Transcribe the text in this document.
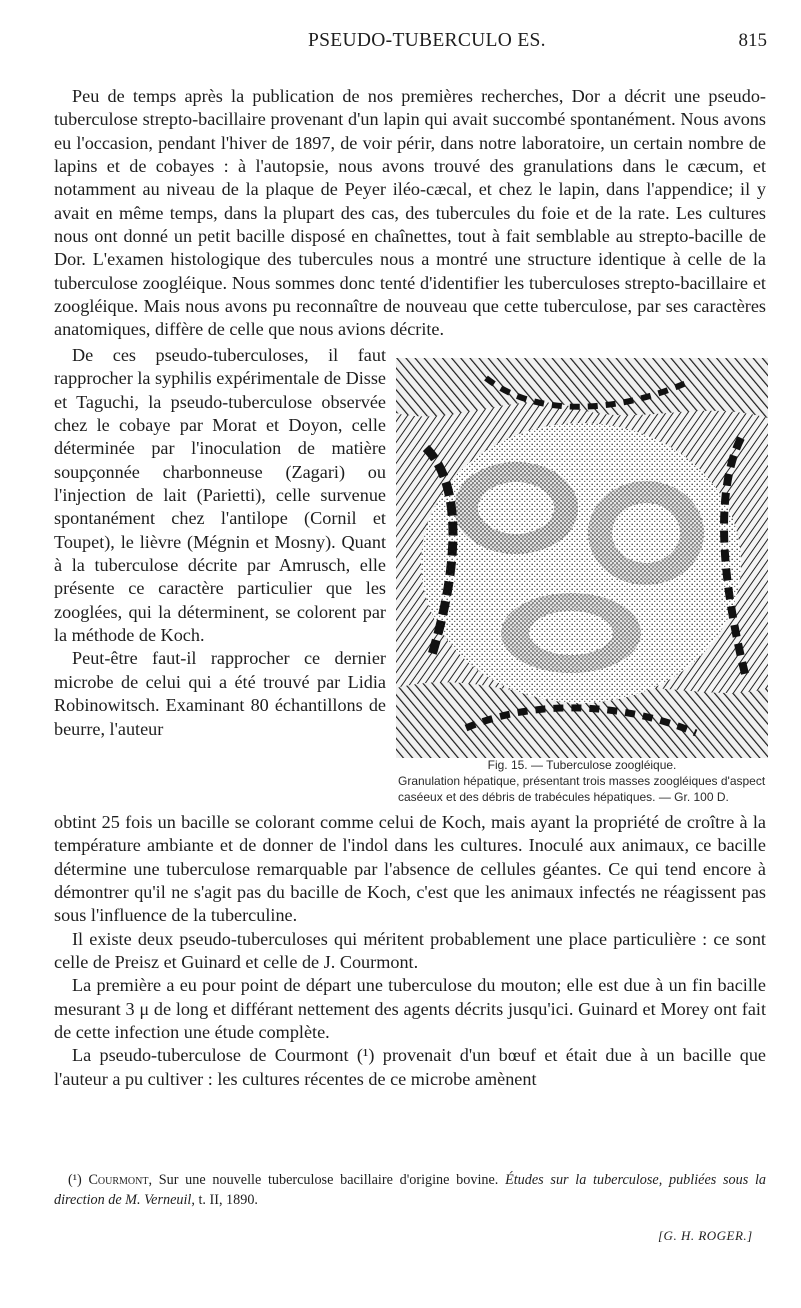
PSEUDO-TUBERCULO ES.	815

Peu de temps après la publication de nos premières recherches, Dor a décrit une pseudo-tuberculose strepto-bacillaire provenant d'un lapin qui avait succombé spontanément. Nous avons eu l'occasion, pendant l'hiver de 1897, de voir périr, dans notre laboratoire, un certain nombre de lapins et de cobayes : à l'autopsie, nous avons trouvé des granulations dans le cæcum, et notamment au niveau de la plaque de Peyer iléo-cæcal, et chez le lapin, dans l'appendice; il y avait en même temps, dans la plupart des cas, des tubercules du foie et de la rate. Les cultures nous ont donné un petit bacille disposé en chaînettes, tout à fait semblable au strepto-bacille de Dor. L'examen histologique des tubercules nous a montré une structure identique à celle de la tuberculose zoogléique. Nous sommes donc tenté d'identifier les tuberculoses strepto-bacillaire et zoogléique. Mais nous avons pu reconnaître de nouveau que cette tuberculose, par ses caractères anatomiques, diffère de celle que nous avions décrite.

De ces pseudo-tuberculoses, il faut rapprocher la syphilis expérimentale de Disse et Taguchi, la pseudo-tuberculose observée chez le cobaye par Morat et Doyon, celle déterminée par l'inoculation de matière soupçonnée charbonneuse (Zagari) ou l'injection de lait (Parietti), celle survenue spontanément chez l'antilope (Cornil et Toupet), le lièvre (Mégnin et Mosny). Quant à la tuberculose décrite par Amrusch, elle présente ce caractère particulier que les zooglées, qui la déterminent, se colorent par la méthode de Koch.

Peut-être faut-il rapprocher ce dernier microbe de celui qui a été trouvé par Lidia Robinowitsch. Examinant 80 échantillons de beurre, l'auteur

Fig. 15. — Tuberculose zoogléique.
Granulation hépatique, présentant trois masses zoogléiques d'aspect caséeux et des débris de trabécules hépatiques. — Gr. 100 D.

obtint 25 fois un bacille se colorant comme celui de Koch, mais ayant la propriété de croître à la température ambiante et de donner de l'indol dans les cultures. Inoculé aux animaux, ce bacille détermine une tuberculose remarquable par l'absence de cellules géantes. Ce qui tend encore à démontrer qu'il ne s'agit pas du bacille de Koch, c'est que les animaux infectés ne réagissent pas sous l'influence de la tuberculine.

Il existe deux pseudo-tuberculoses qui méritent probablement une place particulière : ce sont celle de Preisz et Guinard et celle de J. Courmont.

La première a eu pour point de départ une tuberculose du mouton; elle est due à un fin bacille mesurant 3 μ de long et différant nettement des agents décrits jusqu'ici. Guinard et Morey ont fait de cette infection une étude complète.

La pseudo-tuberculose de Courmont (¹) provenait d'un bœuf et était due à un bacille que l'auteur a pu cultiver : les cultures récentes de ce microbe amènent

(¹) Courmont, Sur une nouvelle tuberculose bacillaire d'origine bovine. Études sur la tuberculose, publiées sous la direction de M. Verneuil, t. II, 1890.

[G. H. ROGER.]
